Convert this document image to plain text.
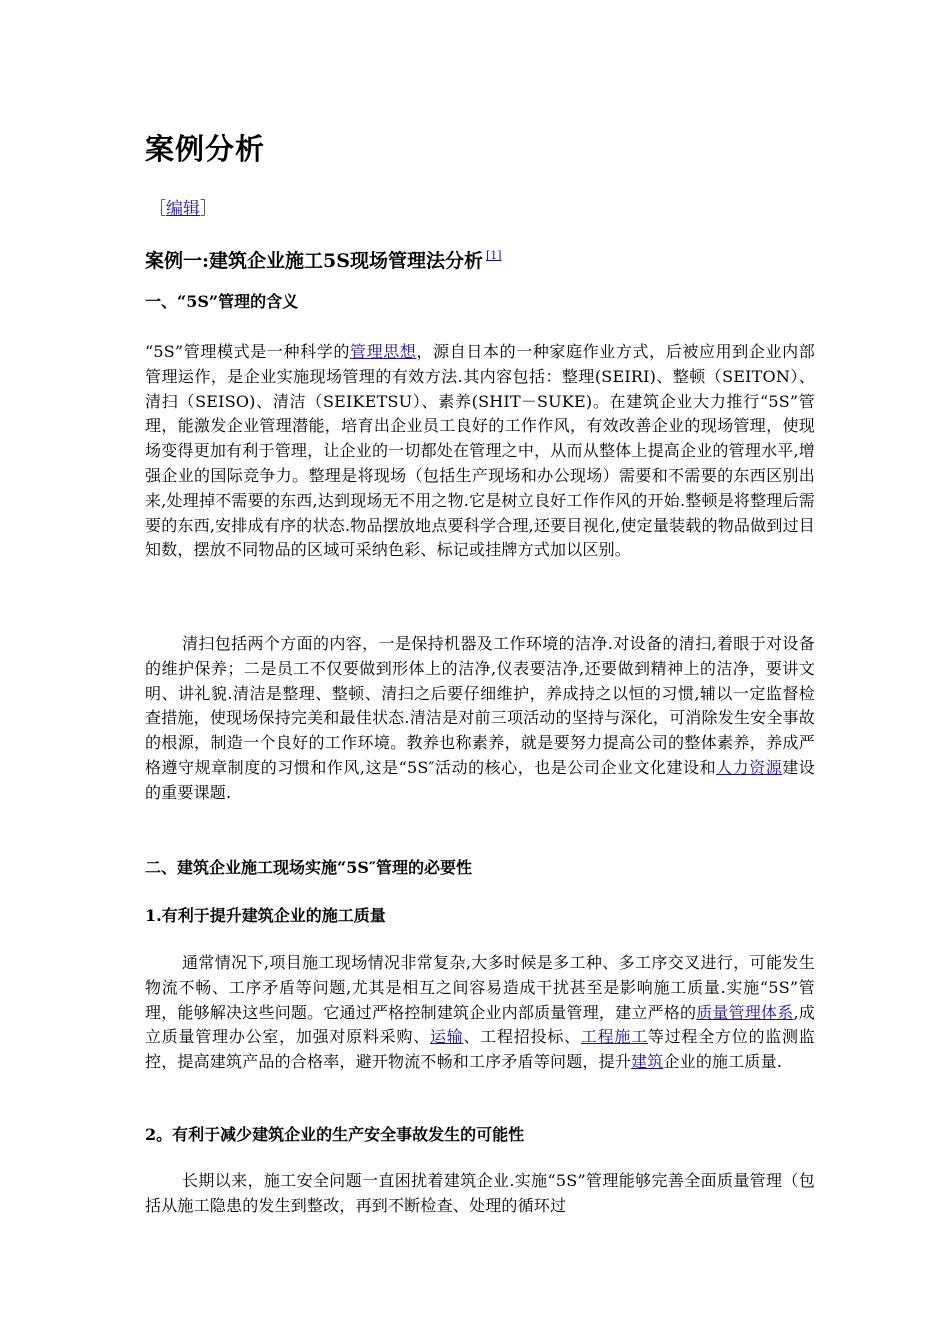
案例分析
［编辑］
案例一:建筑企业施工5S现场管理法分析 [1]
一、“5S”管理的含义

“5S”管理模式是一种科学的管理思想，源自日本的一种家庭作业方式，后被应用到企业内部管理运作，是企业实施现场管理的有效方法.其内容包括：整理(SEIRI)、整顿（SEITON）、清扫（SEISO)、清洁（SEIKETSU）、素养(SHIT－SUKE)。在建筑企业大力推行“5S”管理，能激发企业管理潜能，培育出企业员工良好的工作作风，有效改善企业的现场管理，使现场变得更加有利于管理，让企业的一切都处在管理之中，从而从整体上提高企业的管理水平,增强企业的国际竞争力。整理是将现场（包括生产现场和办公现场）需要和不需要的东西区别出来,处理掉不需要的东西,达到现场无不用之物.它是树立良好工作作风的开始.整顿是将整理后需要的东西,安排成有序的状态.物品摆放地点要科学合理,还要目视化,使定量装载的物品做到过目知数，摆放不同物品的区域可采纳色彩、标记或挂牌方式加以区别。

清扫包括两个方面的内容，一是保持机器及工作环境的洁净.对设备的清扫,着眼于对设备的维护保养；二是员工不仅要做到形体上的洁净,仪表要洁净,还要做到精神上的洁净，要讲文明、讲礼貌.清洁是整理、整顿、清扫之后要仔细维护，养成持之以恒的习惯,辅以一定监督检查措施，使现场保持完美和最佳状态.清洁是对前三项活动的坚持与深化，可消除发生安全事故的根源，制造一个良好的工作环境。教养也称素养，就是要努力提高公司的整体素养，养成严格遵守规章制度的习惯和作风,这是“5S″活动的核心，也是公司企业文化建设和人力资源建设的重要课题.

二、建筑企业施工现场实施“5S″管理的必要性
1.有利于提升建筑企业的施工质量

通常情况下,项目施工现场情况非常复杂,大多时候是多工种、多工序交叉进行，可能发生物流不畅、工序矛盾等问题,尤其是相互之间容易造成干扰甚至是影响施工质量.实施“5S”管理，能够解决这些问题。它通过严格控制建筑企业内部质量管理，建立严格的质量管理体系,成立质量管理办公室，加强对原料采购、运输、工程招投标、工程施工等过程全方位的监测监控，提高建筑产品的合格率，避开物流不畅和工序矛盾等问题，提升建筑企业的施工质量.

2。有利于减少建筑企业的生产安全事故发生的可能性

长期以来，施工安全问题一直困扰着建筑企业.实施“5S”管理能够完善全面质量管理（包括从施工隐患的发生到整改，再到不断检查、处理的循环过
